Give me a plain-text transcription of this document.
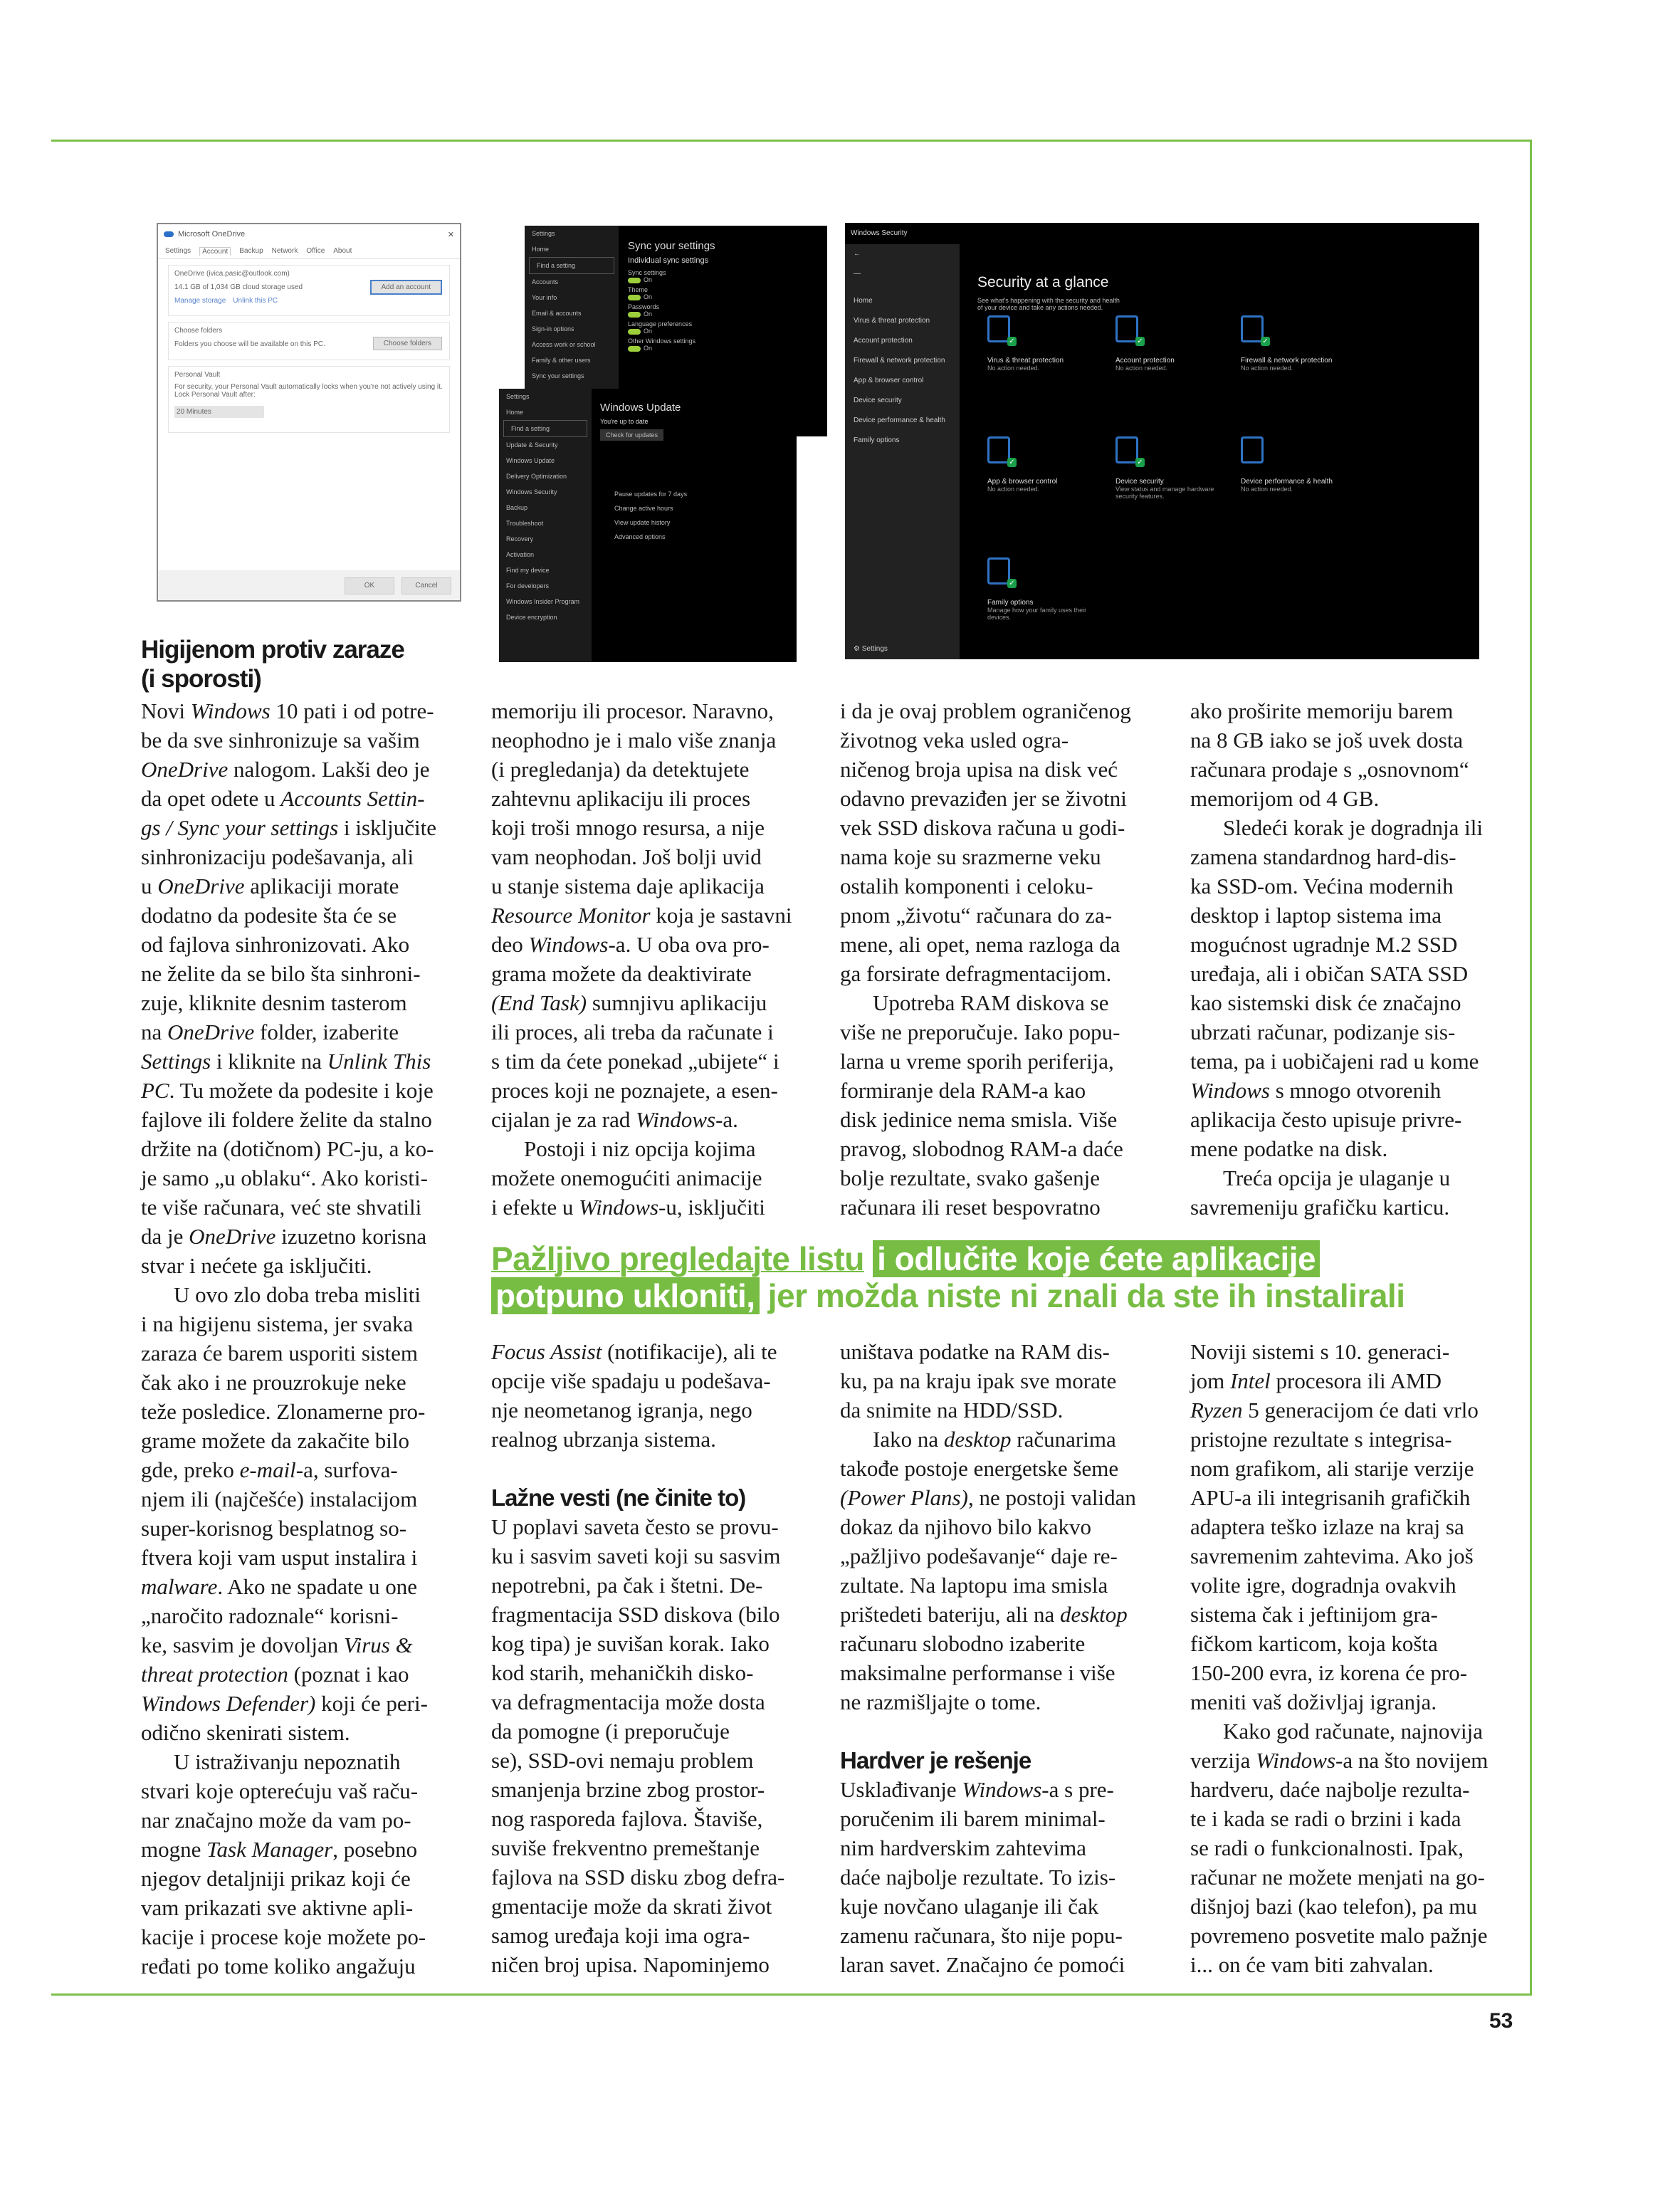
Microsoft OneDrive	✕
Settings	Account	Backup Network Office About
OneDrive (ivica.pasic@outlook.com)
14.1 GB of 1,034 GB cloud storage used	Add an account
Manage storage Unlink this PC
Choose folders
Folders you choose will be available on this PC.	Choose folders
Personal Vault
For security, your Personal Vault automatically locks when you're not actively using it. Lock Personal Vault after:
20 Minutes
OK	Cancel
Settings
Home
Find a setting
Accounts
Your info
Email & accounts
Sign-in options
Access work or school
Family & other users
Sync your settings
Sync your settings
Individual sync settings
Sync settings
On
Theme
On
Passwords
On
Language preferences
On
Other Windows settings
On
Settings
Home
Find a setting
Update & Security
Windows Update
Delivery Optimization
Windows Security
Backup
Troubleshoot
Recovery
Activation
Find my device
For developers
Windows Insider Program
Device encryption
Windows Update
You're up to date
Check for updates
Pause updates for 7 days
Change active hours
View update history
Advanced options
Windows Security
←
—
Home
Virus & threat protection
Account protection
Firewall & network protection
App & browser control
Device security
Device performance & health
Family options
⚙ Settings
Security at a glance
See what's happening with the security and health of your device and take any actions needed.
✓
Virus & threat protection
No action needed.
✓
Account protection
No action needed.
✓
Firewall & network protection
No action needed.
✓
App & browser control
No action needed.
✓
Device security
View status and manage hardware security features.
Device performance & health
No action needed.
✓
Family options
Manage how your family uses their devices.
Higijenom protiv zaraze
(i sporosti)
Novi Windows 10 pati i od potre-
be da sve sinhronizuje sa vašim
OneDrive nalogom. Lakši deo je
da opet odete u Accounts Settin-
gs / Sync your settings i isključite
sinhronizaciju podešavanja, ali
u OneDrive aplikaciji morate
dodatno da podesite šta će se
od fajlova sinhronizovati. Ako
ne želite da se bilo šta sinhroni-
zuje, kliknite desnim tasterom
na OneDrive folder, izaberite
Settings i kliknite na Unlink This
PC. Tu možete da podesite i koje
fajlove ili foldere želite da stalno
držite na (dotičnom) PC-ju, a ko-
je samo „u oblaku“. Ako koristi-
te više računara, već ste shvatili
da je OneDrive izuzetno korisna
stvar i nećete ga isključiti.
U ovo zlo doba treba misliti
i na higijenu sistema, jer svaka
zaraza će barem usporiti sistem
čak ako i ne prouzrokuje neke
teže posledice. Zlonamerne pro-
grame možete da zakačite bilo
gde, preko e-mail-a, surfova-
njem ili (najčešće) instalacijom
super-korisnog besplatnog so-
ftvera koji vam usput instalira i
malware. Ako ne spadate u one
„naročito radoznale“ korisni-
ke, sasvim je dovoljan Virus &
threat protection (poznat i kao
Windows Defender) koji će peri-
odično skenirati sistem.
U istraživanju nepoznatih
stvari koje opterećuju vaš raču-
nar značajno može da vam po-
mogne Task Manager, posebno
njegov detaljniji prikaz koji će
vam prikazati sve aktivne apli-
kacije i procese koje možete po-
ređati po tome koliko angažuju
memoriju ili procesor. Naravno,
neophodno je i malo više znanja
(i pregledanja) da detektujete
zahtevnu aplikaciju ili proces
koji troši mnogo resursa, a nije
vam neophodan. Još bolji uvid
u stanje sistema daje aplikacija
Resource Monitor koja je sastavni
deo Windows-a. U oba ova pro-
grama možete da deaktivirate
(End Task) sumnjivu aplikaciju
ili proces, ali treba da računate i
s tim da ćete ponekad „ubijete“ i
proces koji ne poznajete, a esen-
cijalan je za rad Windows-a.
Postoji i niz opcija kojima
možete onemogućiti animacije
i efekte u Windows-u, isključiti
i da je ovaj problem ograničenog
životnog veka usled ogra-
ničenog broja upisa na disk već
odavno prevaziđen jer se životni
vek SSD diskova računa u godi-
nama koje su srazmerne veku
ostalih komponenti i celoku-
pnom „životu“ računara do za-
mene, ali opet, nema razloga da
ga forsirate defragmentacijom.
Upotreba RAM diskova se
više ne preporučuje. Iako popu-
larna u vreme sporih periferija,
formiranje dela RAM-a kao
disk jedinice nema smisla. Više
pravog, slobodnog RAM-a daće
bolje rezultate, svako gašenje
računara ili reset bespovratno
ako proširite memoriju barem
na 8 GB iako se još uvek dosta
računara prodaje s „osnovnom“
memorijom od 4 GB.
Sledeći korak je dogradnja ili
zamena standardnog hard-dis-
ka SSD-om. Većina modernih
desktop i laptop sistema ima
mogućnost ugradnje M.2 SSD
uređaja, ali i običan SATA SSD
kao sistemski disk će značajno
ubrzati računar, podizanje sis-
tema, pa i uobičajeni rad u kome
Windows s mnogo otvorenih
aplikacija često upisuje privre-
mene podatke na disk.
Treća opcija je ulaganje u
savremeniju grafičku karticu.
Focus Assist (notifikacije), ali te
opcije više spadaju u podešava-
nje neometanog igranja, nego
realnog ubrzanja sistema.
Lažne vesti (ne činite to)
U poplavi saveta često se provu-
ku i sasvim saveti koji su sasvim
nepotrebni, pa čak i štetni. De-
fragmentacija SSD diskova (bilo
kog tipa) je suvišan korak. Iako
kod starih, mehaničkih disko-
va defragmentacija može dosta
da pomogne (i preporučuje
se), SSD-ovi nemaju problem
smanjenja brzine zbog prostor-
nog rasporeda fajlova. Štaviše,
suviše frekventno premeštanje
fajlova na SSD disku zbog defra-
gmentacije može da skrati život
samog uređaja koji ima ogra-
ničen broj upisa. Napominjemo
uništava podatke na RAM dis-
ku, pa na kraju ipak sve morate
da snimite na HDD/SSD.
Iako na desktop računarima
takođe postoje energetske šeme
(Power Plans), ne postoji validan
dokaz da njihovo bilo kakvo
„pažljivo podešavanje“ daje re-
zultate. Na laptopu ima smisla
prištedeti bateriju, ali na desktop
računaru slobodno izaberite
maksimalne performanse i više
ne razmišljajte o tome.
Hardver je rešenje
Usklađivanje Windows-a s pre-
poručenim ili barem minimal-
nim hardverskim zahtevima
daće najbolje rezultate. To izis-
kuje novčano ulaganje ili čak
zamenu računara, što nije popu-
laran savet. Značajno će pomoći
Noviji sistemi s 10. generaci-
jom Intel procesora ili AMD
Ryzen 5 generacijom će dati vrlo
pristojne rezultate s integrisa-
nom grafikom, ali starije verzije
APU-a ili integrisanih grafičkih
adaptera teško izlaze na kraj sa
savremenim zahtevima. Ako još
volite igre, dogradnja ovakvih
sistema čak i jeftinijom gra-
fičkom karticom, koja košta
150-200 evra, iz korena će pro-
meniti vaš doživljaj igranja.
Kako god računate, najnovija
verzija Windows-a na što novijem
hardveru, daće najbolje rezulta-
te i kada se radi o brzini i kada
se radi o funkcionalnosti. Ipak,
računar ne možete menjati na go-
dišnjoj bazi (kao telefon), pa mu
povremeno posvetite malo pažnje
i... on će vam biti zahvalan.
Pažljivo pregledajte listu i odlučite koje ćete aplikacije
potpuno ukloniti, jer možda niste ni znali da ste ih instalirali
53
